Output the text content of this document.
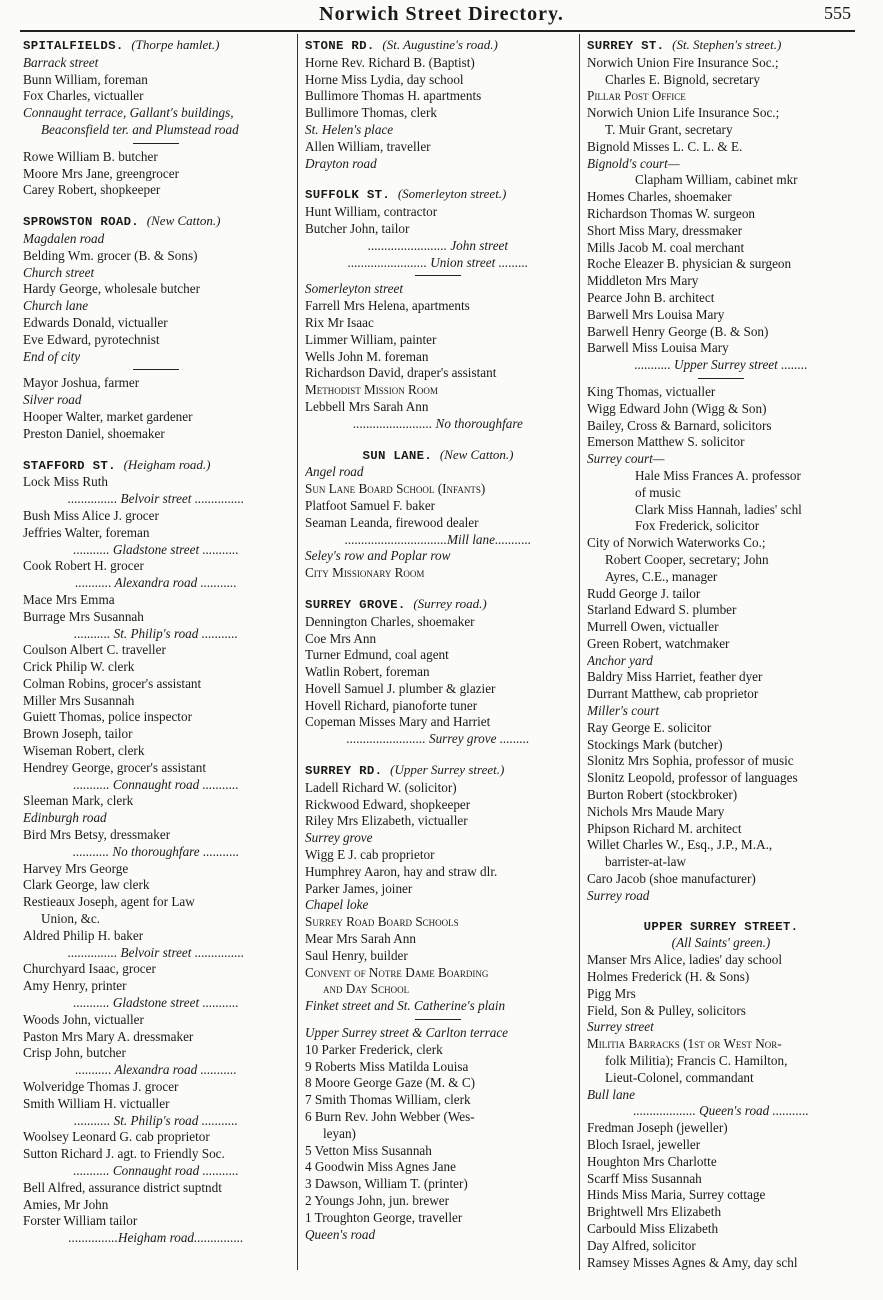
Norwich Street Directory.	555
SPITALFIELDS. (Thorpe hamlet.)
Barrack street
Bunn William, foreman
Fox Charles, victualler
Connaught terrace, Gallant's buildings,
Beaconsfield ter. and Plumstead road
Rowe William B. butcher
Moore Mrs Jane, greengrocer
Carey Robert, shopkeeper
SPROWSTON ROAD. (New Catton.)
Magdalen road
Belding Wm. grocer (B. & Sons)
Church street
Hardy George, wholesale butcher
Church lane
Edwards Donald, victualler
Eve Edward, pyrotechnist
End of city
Mayor Joshua, farmer
Silver road
Hooper Walter, market gardener
Preston Daniel, shoemaker
STAFFORD ST. (Heigham road.)
Lock Miss Ruth
............... Belvoir street ...............
Bush Miss Alice J. grocer
Jeffries Walter, foreman
........... Gladstone street ...........
Cook Robert H. grocer
........... Alexandra road ...........
Mace Mrs Emma
Burrage Mrs Susannah
........... St. Philip's road ...........
Coulson Albert C. traveller
Crick Philip W. clerk
Colman Robins, grocer's assistant
Miller Mrs Susannah
Guiett Thomas, police inspector
Brown Joseph, tailor
Wiseman Robert, clerk
Hendrey George, grocer's assistant
........... Connaught road ...........
Sleeman Mark, clerk
Edinburgh road
Bird Mrs Betsy, dressmaker
........... No thoroughfare ...........
Harvey Mrs George
Clark George, law clerk
Restieaux Joseph, agent for Law
Union, &c.
Aldred Philip H. baker
............... Belvoir street ...............
Churchyard Isaac, grocer
Amy Henry, printer
........... Gladstone street ...........
Woods John, victualler
Paston Mrs Mary A. dressmaker
Crisp John, butcher
........... Alexandra road ...........
Wolveridge Thomas J. grocer
Smith William H. victualler
........... St. Philip's road ...........
Woolsey Leonard G. cab proprietor
Sutton Richard J. agt. to Friendly Soc.
........... Connaught road ...........
Bell Alfred, assurance district suptndt
Amies, Mr John
Forster William tailor
...............Heigham road...............
STONE RD. (St. Augustine's road.)
Horne Rev. Richard B. (Baptist)
Horne Miss Lydia, day school
Bullimore Thomas H. apartments
Bullimore Thomas, clerk
St. Helen's place
Allen William, traveller
Drayton road
SUFFOLK ST. (Somerleyton street.)
Hunt William, contractor
Butcher John, tailor
........................ John street
........................ Union street .........
Somerleyton street
Farrell Mrs Helena, apartments
Rix Mr Isaac
Limmer William, painter
Wells John M. foreman
Richardson David, draper's assistant
Methodist Mission Room
Lebbell Mrs Sarah Ann
........................ No thoroughfare
SUN LANE. (New Catton.)
Angel road
Sun Lane Board School (Infants)
Platfoot Samuel F. baker
Seaman Leanda, firewood dealer
...............................Mill lane...........
Seley's row and Poplar row
City Missionary Room
SURREY GROVE. (Surrey road.)
Dennington Charles, shoemaker
Coe Mrs Ann
Turner Edmund, coal agent
Watlin Robert, foreman
Hovell Samuel J. plumber & glazier
Hovell Richard, pianoforte tuner
Copeman Misses Mary and Harriet
........................ Surrey grove .........
SURREY RD. (Upper Surrey street.)
Ladell Richard W. (solicitor)
Rickwood Edward, shopkeeper
Riley Mrs Elizabeth, victualler
Surrey grove
Wigg E J. cab proprietor
Humphrey Aaron, hay and straw dlr.
Parker James, joiner
Chapel loke
Surrey Road Board Schools
Mear Mrs Sarah Ann
Saul Henry, builder
Convent of Notre Dame Boarding
and Day School
Finket street and St. Catherine's plain
Upper Surrey street & Carlton terrace
10 Parker Frederick, clerk
9 Roberts Miss Matilda Louisa
8 Moore George Gaze (M. & C)
7 Smith Thomas William, clerk
6 Burn Rev. John Webber (Wes-
leyan)
5 Vetton Miss Susannah
4 Goodwin Miss Agnes Jane
3 Dawson, William T. (printer)
2 Youngs John, jun. brewer
1 Troughton George, traveller
Queen's road
SURREY ST. (St. Stephen's street.)
Norwich Union Fire Insurance Soc.;
Charles E. Bignold, secretary
Pillar Post Office
Norwich Union Life Insurance Soc.;
T. Muir Grant, secretary
Bignold Misses L. C. L. & E.
Bignold's court—
Clapham William, cabinet mkr
Homes Charles, shoemaker
Richardson Thomas W. surgeon
Short Miss Mary, dressmaker
Mills Jacob M. coal merchant
Roche Eleazer B. physician & surgeon
Middleton Mrs Mary
Pearce John B. architect
Barwell Mrs Louisa Mary
Barwell Henry George (B. & Son)
Barwell Miss Louisa Mary
........... Upper Surrey street ........
King Thomas, victualler
Wigg Edward John (Wigg & Son)
Bailey, Cross & Barnard, solicitors
Emerson Matthew S. solicitor
Surrey court—
Hale Miss Frances A. professor
of music
Clark Miss Hannah, ladies' schl
Fox Frederick, solicitor
City of Norwich Waterworks Co.;
Robert Cooper, secretary; John
Ayres, C.E., manager
Rudd George J. tailor
Starland Edward S. plumber
Murrell Owen, victualler
Green Robert, watchmaker
Anchor yard
Baldry Miss Harriet, feather dyer
Durrant Matthew, cab proprietor
Miller's court
Ray George E. solicitor
Stockings Mark (butcher)
Slonitz Mrs Sophia, professor of music
Slonitz Leopold, professor of languages
Burton Robert (stockbroker)
Nichols Mrs Maude Mary
Phipson Richard M. architect
Willet Charles W., Esq., J.P., M.A.,
barrister-at-law
Caro Jacob (shoe manufacturer)
Surrey road
UPPER SURREY STREET.
(All Saints' green.)
Manser Mrs Alice, ladies' day school
Holmes Frederick (H. & Sons)
Pigg Mrs
Field, Son & Pulley, solicitors
Surrey street
Militia Barracks (1st or West Nor-
folk Militia); Francis C. Hamilton,
Lieut-Colonel, commandant
Bull lane
................... Queen's road ...........
Fredman Joseph (jeweller)
Bloch Israel, jeweller
Houghton Mrs Charlotte
Scarff Miss Susannah
Hinds Miss Maria, Surrey cottage
Brightwell Mrs Elizabeth
Carbould Miss Elizabeth
Day Alfred, solicitor
Ramsey Misses Agnes & Amy, day schl
